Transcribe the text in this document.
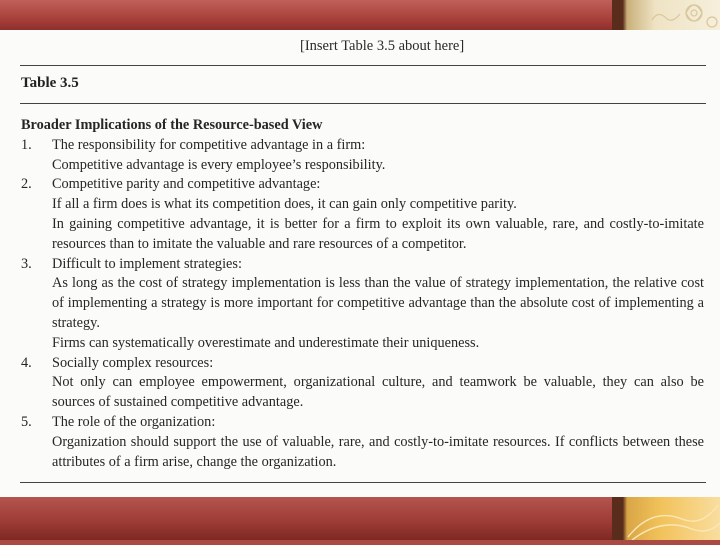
[Insert Table 3.5 about here]
Table 3.5
Broader Implications of the Resource-based View
1.	The responsibility for competitive advantage in a firm:
Competitive advantage is every employee’s responsibility.
2.	Competitive parity and competitive advantage:
If all a firm does is what its competition does, it can gain only competitive parity.
In gaining competitive advantage, it is better for a firm to exploit its own valuable, rare, and costly-to-imitate resources than to imitate the valuable and rare resources of a competitor.
3.	Difficult to implement strategies:
As long as the cost of strategy implementation is less than the value of strategy implementation, the relative cost of implementing a strategy is more important for competitive advantage than the absolute cost of implementing a strategy.
Firms can systematically overestimate and underestimate their uniqueness.
4.	Socially complex resources:
Not only can employee empowerment, organizational culture, and teamwork be valuable, they can also be sources of sustained competitive advantage.
5.	The role of the organization:
Organization should support the use of valuable, rare, and costly-to-imitate resources. If conflicts between these attributes of a firm arise, change the organization.
